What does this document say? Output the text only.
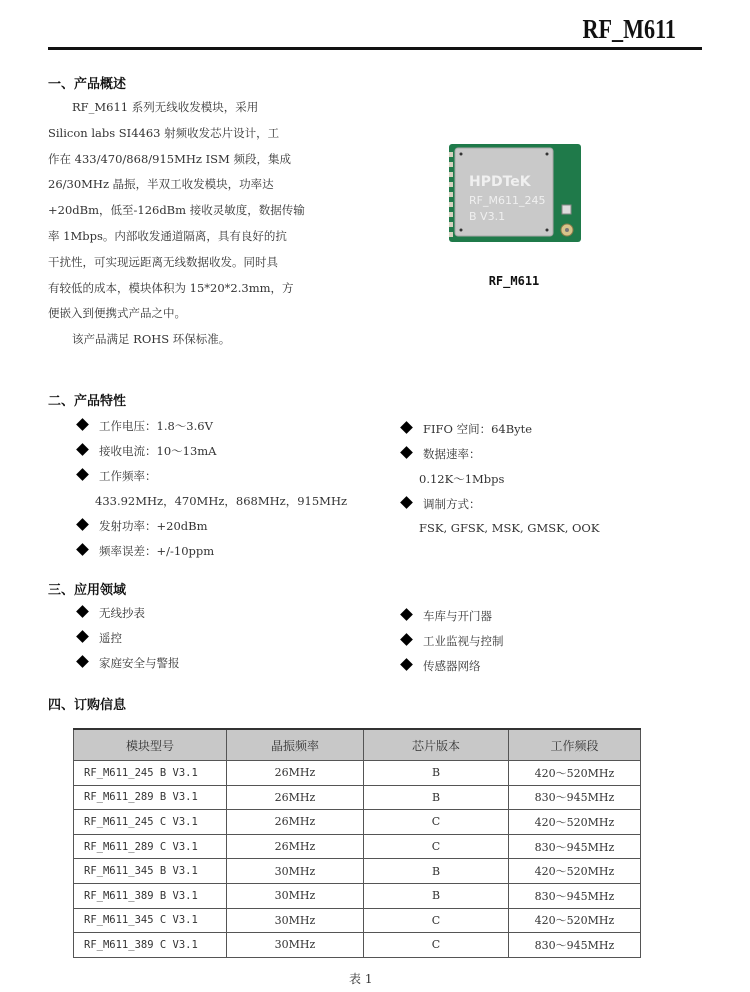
RF_M611
一、产品概述
RF_M611 系列无线收发模块，采用
Silicon labs SI4463 射频收发芯片设计，工
作在 433/470/868/915MHz ISM 频段，集成
26/30MHz 晶振，半双工收发模块，功率达
+20dBm，低至-126dBm 接收灵敏度，数据传输
率 1Mbps。内部收发通道隔离，具有良好的抗
干扰性，可实现远距离无线数据收发。同时具
有较低的成本，模块体积为 15*20*2.3mm，方
便嵌入到便携式产品之中。
该产品满足 ROHS 环保标准。
HPDTeK
RF_M611_245
B V3.1
RF_M611
二、产品特性
工作电压：1.8～3.6V
接收电流：10～13mA
工作频率：
433.92MHz，470MHz，868MHz，915MHz
发射功率：+20dBm
频率误差：+/-10ppm
FIFO 空间：64Byte
数据速率：
0.12K～1Mbps
调制方式：
FSK, GFSK, MSK, GMSK, OOK
三、应用领域
无线抄表
遥控
家庭安全与警报
车库与开门器
工业监视与控制
传感器网络
四、订购信息
模块型号	晶振频率	芯片版本	工作频段
RF_M611_245 B V3.1	26MHz	B	420～520MHz
RF_M611_289 B V3.1	26MHz	B	830～945MHz
RF_M611_245 C V3.1	26MHz	C	420～520MHz
RF_M611_289 C V3.1	26MHz	C	830～945MHz
RF_M611_345 B V3.1	30MHz	B	420～520MHz
RF_M611_389 B V3.1	30MHz	B	830～945MHz
RF_M611_345 C V3.1	30MHz	C	420～520MHz
RF_M611_389 C V3.1	30MHz	C	830～945MHz
表 1
